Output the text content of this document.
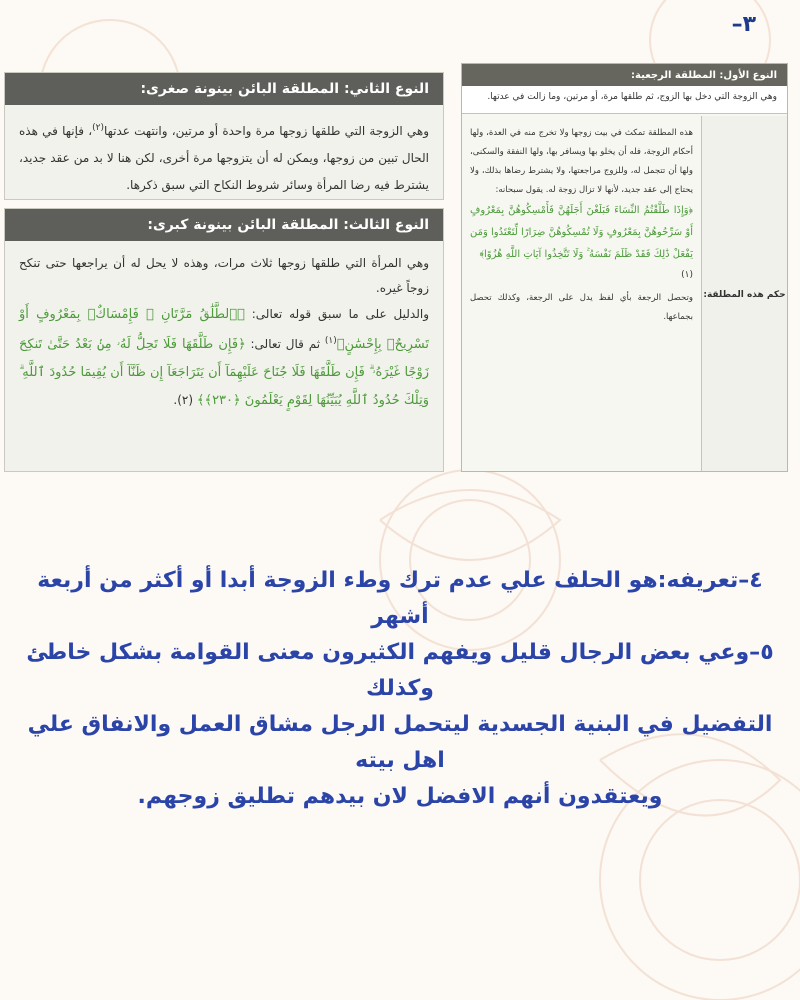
٣–
النوع الأول: المطلقة الرجعية:
وهي الزوجة التي دخل بها الزوج، ثم طلقها مرة، أو مرتين، وما زالت في عدتها.
حكم هذه المطلقة:
هذه المطلقة تمكث في بيت زوجها ولا تخرج منه في العدة، ولها أحكام الزوجة، فله أن يخلو بها ويسافر بها، ولها النفقة والسكنى، ولها أن تتجمل له، وللزوج مراجعتها، ولا يشترط رضاها بذلك، ولا يحتاج إلى عقد جديد، لأنها لا تزال زوجة له. يقول سبحانه:
﴿وَإِذَا طَلَّقْتُمُ النِّسَاءَ فَبَلَغْنَ أَجَلَهُنَّ فَأَمْسِكُوهُنَّ بِمَعْرُوفٍ أَوْ سَرِّحُوهُنَّ بِمَعْرُوفٍ وَلَا تُمْسِكُوهُنَّ ضِرَارًا لِّتَعْتَدُوا وَمَن يَفْعَلْ ذَٰلِكَ فَقَدْ ظَلَمَ نَفْسَهُ ۚ وَلَا تَتَّخِذُوا آيَاتِ اللَّهِ هُزُوًا﴾
(١)
وتحصل الرجعة بأي لفظ يدل على الرجعة، وكذلك تحصل بجماعها.
النوع الثاني: المطلقة البائن بينونة صغرى:
وهي الزوجة التي طلقها زوجها مرة واحدة أو مرتين، وانتهت عدتها$^{(٢)}$، فإنها في هذه الحال تبين من زوجها، ويمكن له أن يتزوجها مرة أخرى، لكن هنا لا بد من عقد جديد، يشترط فيه رضا المرأة وسائر شروط النكاح التي سبق ذكرها.
النوع الثالث: المطلقة البائن بينونة كبرى:
وهي المرأة التي طلقها زوجها ثلاث مرات، وهذه لا يحل له أن يراجعها حتى تنكح زوجاً غيره.
والدليل على ما سبق قوله تعالى: ﴿ٱلطَّلَٰقُ مَرَّتَانِ ۖ فَإِمْسَاكٌۢ بِمَعْرُوفٍ أَوْ تَسْرِيحٌۢ بِإِحْسَٰنٍ﴾$^{(١)}$ ثم قال تعالى: ﴿فَإِن طَلَّقَهَا فَلَا تَحِلُّ لَهُۥ مِنۢ بَعْدُ حَتَّىٰ تَنكِحَ زَوْجًا غَيْرَهُۥ ۗ فَإِن طَلَّقَهَا فَلَا جُنَاحَ عَلَيْهِمَآ أَن يَتَرَاجَعَآ إِن ظَنَّآ أَن يُقِيمَا حُدُودَ ٱللَّهِ ۗ وَتِلْكَ حُدُودُ ٱللَّهِ يُبَيِّنُهَا لِقَوْمٍ يَعْلَمُونَ ﴿٢٣٠﴾﴾ (٢).

٤–تعريفه:هو الحلف علي عدم ترك وطء الزوجة أبدا أو أكثر من أربعة أشهر

٥–وعي بعض الرجال قليل ويفهم الكثيرون معنى القوامة بشكل خاطئ وكذلك

التفضيل في البنية الجسدية ليتحمل الرجل مشاق العمل والانفاق علي اهل بيته

ويعتقدون أنهم الافضل لان بيدهم تطليق زوجهم.
